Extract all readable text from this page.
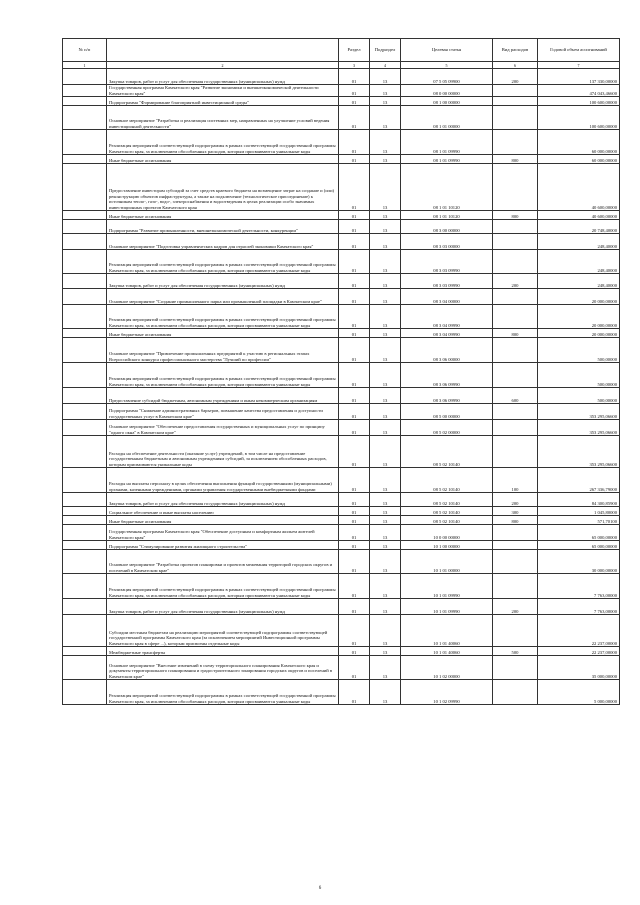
№ п/п		Раздел	Подраздел	Целевая статья	Вид расходов	Годовой объем ассигнований
1	2	3	4	5	6	7
	Закупка товаров, работ и услуг для обеспечения государственных (муниципальных) нужд	01	13	07 5 05 09900	200	137 330,00000
	Государственная программа Камчатского края "Развитие экономики и внешнеэкономической деятельности Камчатского края"	01	13	08 0 00 00000		474 043,46600
	Подпрограмма "Формирование благоприятной инвестиционной среды"	01	13	08 1 00 00000		100 600,00000
	Основное мероприятие "Разработка и реализация системных мер, направленных на улучшение условий ведения инвестиционной деятельности"	01	13	08 1 01 00000		100 600,00000
	Реализация мероприятий соответствующей подпрограммы в рамках соответствующей государственной программы Камчатского края, за исключением обособленных расходов, которым присваиваются уникальные коды	01	13	08 1 01 09990		60 000,00000
	Иные бюджетные ассигнования	01	13	08 1 01 09990	800	60 000,00000
	Предоставление инвесторам субсидий за счет средств краевого бюджета на возмещение затрат на создание и (или) реконструкцию объектов инфраструктуры, а также на подключение (технологическое присоединение) к источникам тепло-, газо-, водо-, электроснабжения и водоотведения в целях реализации особо значимых инвестиционных проектов Камчатского края	01	13	08 1 01 10120		40 600,00000
	Иные бюджетные ассигнования	01	13	08 1 01 10120	800	40 600,00000
	Подпрограмма "Развитие промышленности, внешнеэкономической деятельности, конкуренции"	01	13	08 3 00 00000		20 748,40000
	Основное мероприятие "Подготовка управленческих кадров для отраслей экономики Камчатского края"	01	13	08 3 03 00000		248,40000
	Реализация мероприятий соответствующей подпрограммы в рамках соответствующей государственной программы Камчатского края, за исключением обособленных расходов, которым присваиваются уникальные коды	01	13	08 3 03 09990		248,40000
	Закупка товаров, работ и услуг для обеспечения государственных (муниципальных) нужд	01	13	08 3 03 09990	200	248,40000
	Основное мероприятие "Создание промышленного парка или промышленной площадки в Камчатском крае"	01	13	08 3 04 00000		20 000,00000
	Реализация мероприятий соответствующей подпрограммы в рамках соответствующей государственной программы Камчатского края, за исключением обособленных расходов, которым присваиваются уникальные коды	01	13	08 3 04 09990		20 000,00000
	Иные бюджетные ассигнования	01	13	08 3 04 09990	800	20 000,00000
	Основное мероприятие "Привлечение промышленных предприятий к участию в региональных этапах Всероссийского конкурса профессионального мастерства "Лучший по профессии"	01	13	08 3 06 00000		500,00000
	Реализация мероприятий соответствующей подпрограммы в рамках соответствующей государственной программы Камчатского края, за исключением обособленных расходов, которым присваиваются уникальные коды	01	13	08 3 06 09990		500,00000
	Предоставление субсидий бюджетным, автономным учреждениям и иным некоммерческим организациям	01	13	08 3 06 09990	600	500,00000
	Подпрограмма "Снижение административных барьеров, повышение качества предоставления и доступности государственных услуг в Камчатском крае"	01	13	08 5 00 00000		353 295,06600
	Основное мероприятие "Обеспечение предоставления государственных и муниципальных услуг по принципу "одного окна" в Камчатском крае"	01	13	08 5 02 00000		353 295,06600
	Расходы на обеспечение деятельности (оказание услуг) учреждений, в том числе на предоставление государственным бюджетным и автономным учреждениям субсидий, за исключением обособленных расходов, которым присваиваются уникальные коды	01	13	08 5 02 10140		353 295,06600
	Расходы на выплаты персоналу в целях обеспечения выполнения функций государственными (муниципальными) органами, казенными учреждениями, органами управления государственными внебюджетными фондами	01	13	08 5 02 10140	100	267 336,79000
	Закупка товаров, работ и услуг для обеспечения государственных (муниципальных) нужд	01	13	08 5 02 10140	200	84 300,85900
	Социальное обеспечение и иные выплаты населению	01	13	08 5 02 10140	300	1 045,80000
	Иные бюджетные ассигнования	01	13	08 5 02 10140	800	571,70100
	Государственная программа Камчатского края "Обеспечение доступным и комфортным жильем жителей Камчатского края"	01	13	10 0 00 00000		65 000,00000
	Подпрограмма "Стимулирование развития жилищного строительства"	01	13	10 1 00 00000		65 000,00000
	Основное мероприятие "Разработка проектов планировки и проектов межевания территорий городских округов и поселений в Камчатском крае"	01	13	10 1 01 00000		30 000,00000
	Реализация мероприятий соответствующей подпрограммы в рамках соответствующей государственной программы Камчатского края, за исключением обособленных расходов, которым присваиваются уникальные коды	01	13	10 1 01 09990		7 763,00000
	Закупка товаров, работ и услуг для обеспечения государственных (муниципальных) нужд	01	13	10 1 01 09990	200	7 763,00000
	Субсидии местным бюджетам на реализацию мероприятий соответствующей подпрограммы соответствующей государственной программы Камчатского края (за исключением мероприятий Инвестиционной программы Камчатского края в сфере ...), которым присвоены отдельные коды	01	13	10 1 01 40060		22 237,00000
	Межбюджетные трансферты	01	13	10 1 01 40060	500	22 237,00000
	Основное мероприятие "Внесение изменений в схему территориального планирования Камчатского края и документы территориального планирования и градостроительного зонирования городских округов и поселений в Камчатском крае"	01	13	10 1 02 00000		35 000,00000
	Реализация мероприятий соответствующей подпрограммы в рамках соответствующей государственной программы Камчатского края, за исключением обособленных расходов, которым присваиваются уникальные коды	01	13	10 1 02 09990		5 000,00000
6
